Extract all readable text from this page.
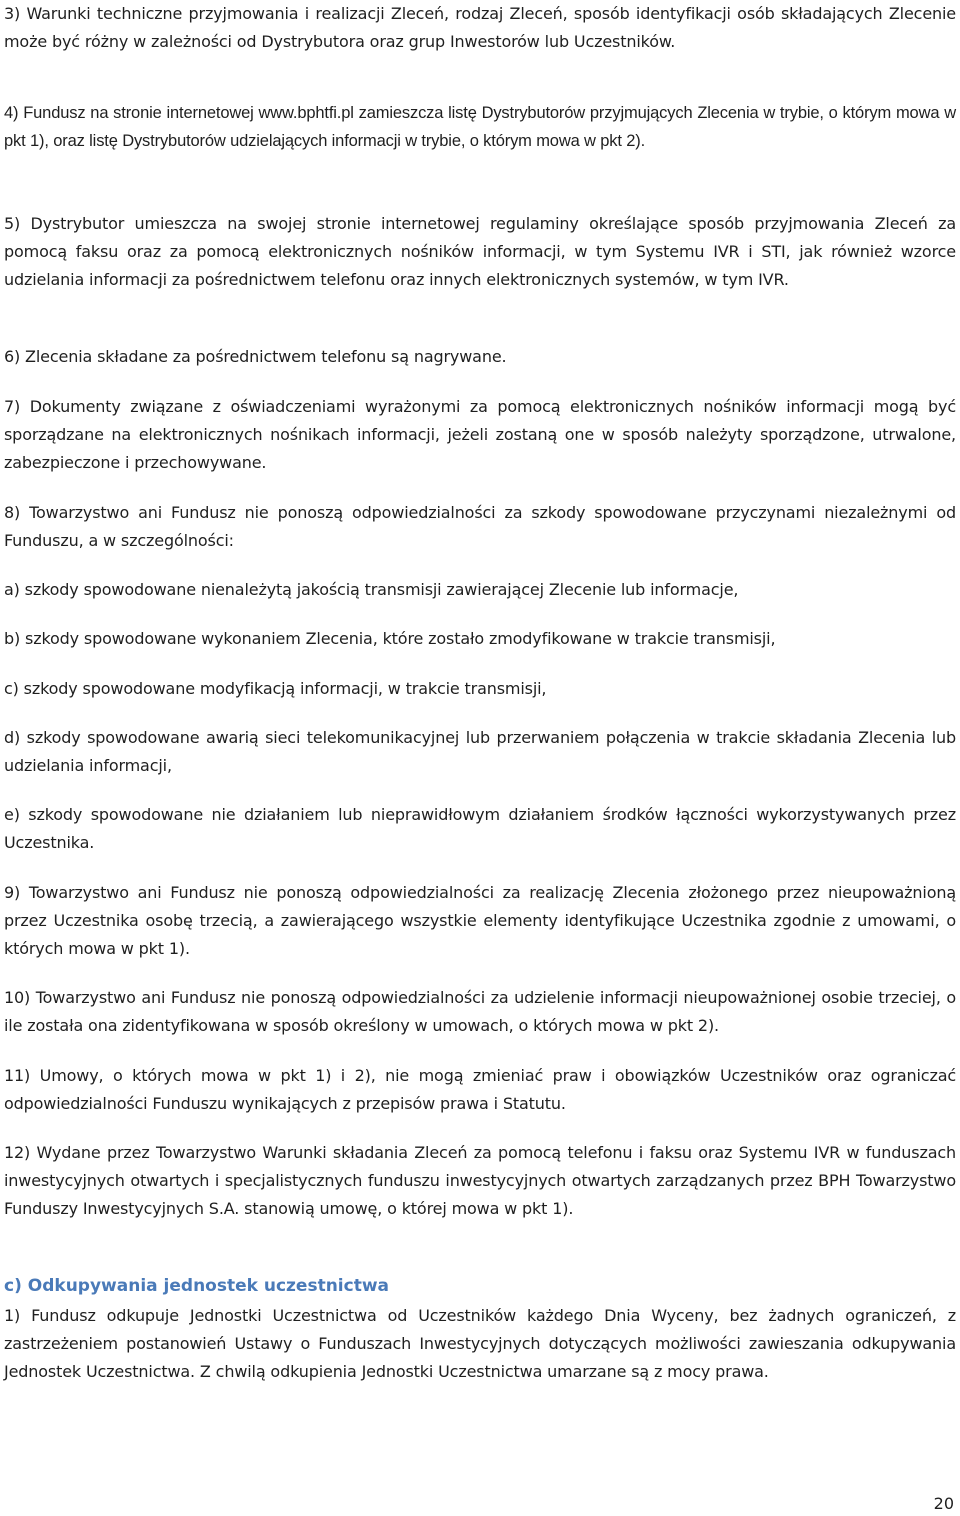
3) Warunki techniczne przyjmowania i realizacji Zleceń, rodzaj Zleceń, sposób identyfikacji osób składających Zlecenie może być różny w zależności od Dystrybutora oraz grup Inwestorów lub Uczestników.

4) Fundusz na stronie internetowej www.bphtfi.pl zamieszcza listę Dystrybutorów przyjmujących Zlecenia w trybie, o którym mowa w pkt 1), oraz listę Dystrybutorów udzielających informacji w trybie, o którym mowa w pkt 2).

5) Dystrybutor umieszcza na swojej stronie internetowej regulaminy określające sposób przyjmowania Zleceń za pomocą faksu oraz za pomocą elektronicznych nośników informacji, w tym Systemu IVR i STI, jak również wzorce udzielania informacji za pośrednictwem telefonu oraz innych elektronicznych systemów, w tym IVR.

6) Zlecenia składane za pośrednictwem telefonu są nagrywane.

7) Dokumenty związane z oświadczeniami wyrażonymi za pomocą elektronicznych nośników informacji mogą być sporządzane na elektronicznych nośnikach informacji, jeżeli zostaną one w sposób należyty sporządzone, utrwalone, zabezpieczone i przechowywane.

8) Towarzystwo ani Fundusz nie ponoszą odpowiedzialności za szkody spowodowane przyczynami niezależnymi od Funduszu, a w szczególności:

a) szkody spowodowane nienależytą jakością transmisji zawierającej Zlecenie lub informacje,

b) szkody spowodowane wykonaniem Zlecenia, które zostało zmodyfikowane w trakcie transmisji,

c) szkody spowodowane modyfikacją informacji, w trakcie transmisji,

d) szkody spowodowane awarią sieci telekomunikacyjnej lub przerwaniem połączenia w trakcie składania Zlecenia lub udzielania informacji,

e) szkody spowodowane nie działaniem lub nieprawidłowym działaniem środków łączności wykorzystywanych przez Uczestnika.

9) Towarzystwo ani Fundusz nie ponoszą odpowiedzialności za realizację Zlecenia złożonego przez nieupoważnioną przez Uczestnika osobę trzecią, a zawierającego wszystkie elementy identyfikujące Uczestnika zgodnie z umowami, o których mowa w pkt 1).

10) Towarzystwo ani Fundusz nie ponoszą odpowiedzialności za udzielenie informacji nieupoważnionej osobie trzeciej, o ile została ona zidentyfikowana w sposób określony w umowach, o których mowa w pkt 2).

11) Umowy, o których mowa w pkt 1) i 2), nie mogą zmieniać praw i obowiązków Uczestników oraz ograniczać odpowiedzialności Funduszu wynikających z przepisów prawa i Statutu.

12) Wydane przez Towarzystwo Warunki składania Zleceń za pomocą telefonu i faksu oraz Systemu IVR w funduszach inwestycyjnych otwartych i specjalistycznych funduszu inwestycyjnych otwartych zarządzanych przez BPH Towarzystwo Funduszy Inwestycyjnych S.A. stanowią umowę, o której mowa w pkt 1).

c) Odkupywania jednostek uczestnictwa

1) Fundusz odkupuje Jednostki Uczestnictwa od Uczestników każdego Dnia Wyceny, bez żadnych ograniczeń, z zastrzeżeniem postanowień Ustawy o Funduszach Inwestycyjnych dotyczących możliwości zawieszania odkupywania Jednostek Uczestnictwa. Z chwilą odkupienia Jednostki Uczestnictwa umarzane są z mocy prawa.

20
